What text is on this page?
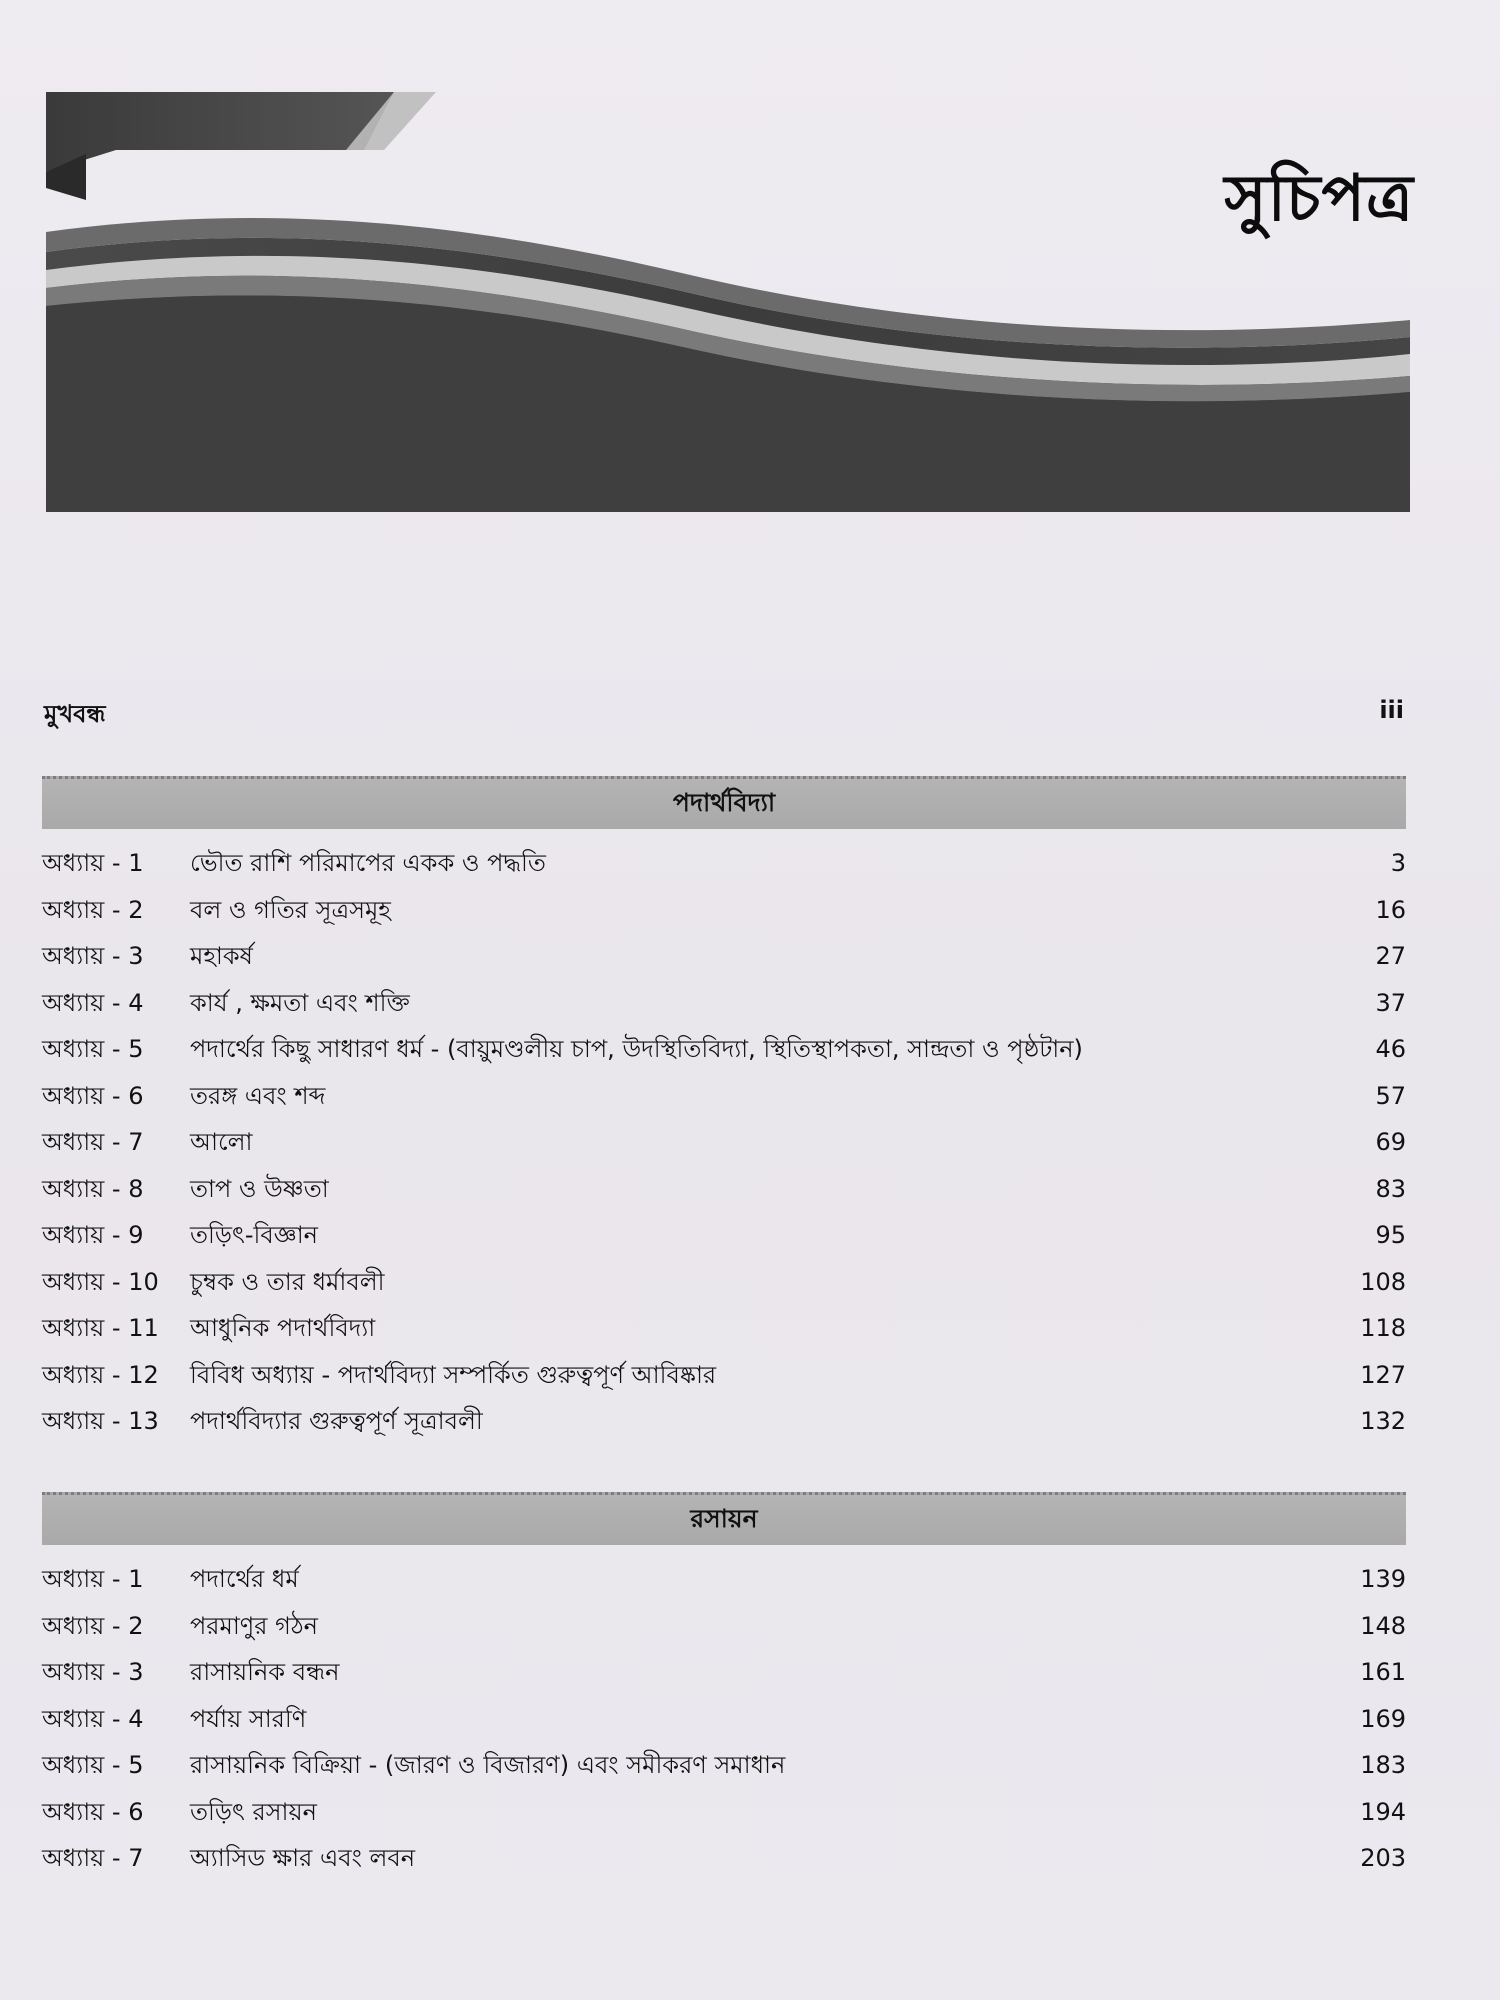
সুচিপত্র
মুখবন্ধ	iii
পদার্থবিদ্যা
অধ্যায় - 1 ভৌত রাশি পরিমাপের একক ও পদ্ধতি	3
অধ্যায় - 2 বল ও গতির সূত্রসমূহ	16
অধ্যায় - 3 মহাকর্ষ	27
অধ্যায় - 4 কার্য , ক্ষমতা এবং শক্তি	37
অধ্যায় - 5 পদার্থের কিছু সাধারণ ধর্ম - (বায়ুমণ্ডলীয় চাপ, উদস্থিতিবিদ্যা, স্থিতিস্থাপকতা, সান্দ্রতা ও পৃষ্ঠটান)	46
অধ্যায় - 6 তরঙ্গ এবং শব্দ	57
অধ্যায় - 7 আলো	69
অধ্যায় - 8 তাপ ও উষ্ণতা	83
অধ্যায় - 9 তড়িৎ-বিজ্ঞান	95
অধ্যায় - 10 চুম্বক ও তার ধর্মাবলী	108
অধ্যায় - 11 আধুনিক পদার্থবিদ্যা	118
অধ্যায় - 12 বিবিধ অধ্যায় - পদার্থবিদ্যা সম্পর্কিত গুরুত্বপূর্ণ আবিষ্কার	127
অধ্যায় - 13 পদার্থবিদ্যার গুরুত্বপূর্ণ সূত্রাবলী	132
রসায়ন
অধ্যায় - 1 পদার্থের ধর্ম	139
অধ্যায় - 2 পরমাণুর গঠন	148
অধ্যায় - 3 রাসায়নিক বন্ধন	161
অধ্যায় - 4 পর্যায় সারণি	169
অধ্যায় - 5 রাসায়নিক বিক্রিয়া - (জারণ ও বিজারণ) এবং সমীকরণ সমাধান	183
অধ্যায় - 6 তড়িৎ রসায়ন	194
অধ্যায় - 7 অ্যাসিড ক্ষার এবং লবন	203
